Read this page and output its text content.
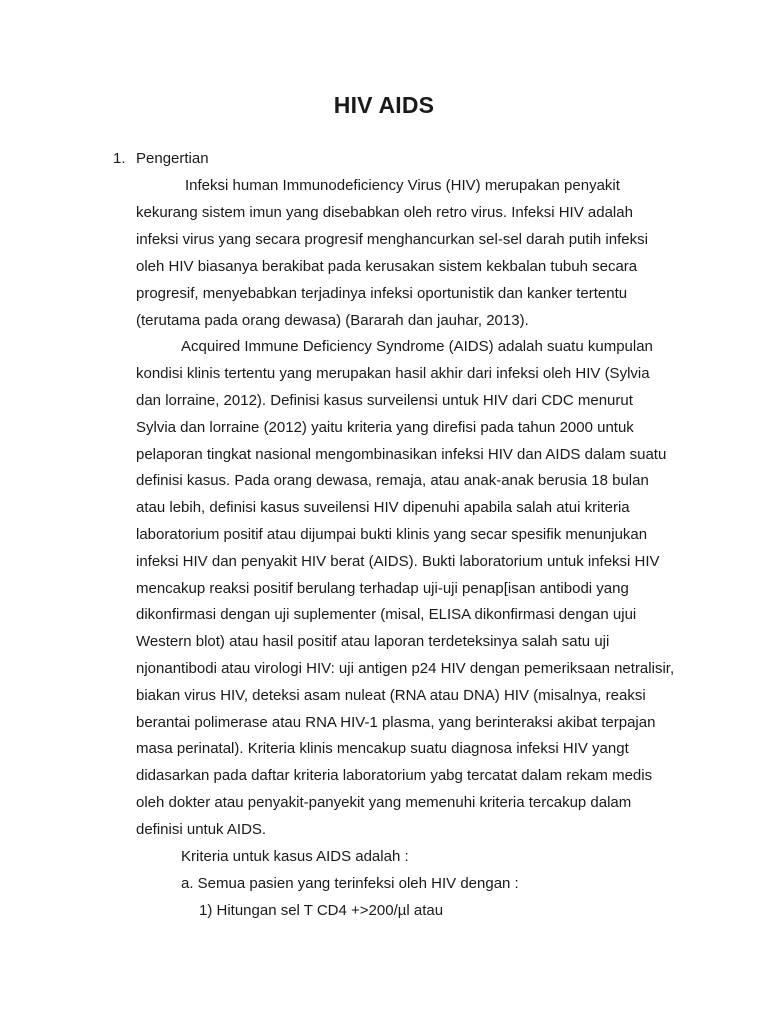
HIV AIDS
1. Pengertian
Infeksi human Immunodeficiency Virus (HIV) merupakan penyakit
kekurang sistem imun yang disebabkan oleh retro virus. Infeksi HIV adalah
infeksi virus yang secara progresif menghancurkan sel-sel darah putih infeksi
oleh HIV biasanya berakibat pada kerusakan sistem kekbalan tubuh secara
progresif, menyebabkan terjadinya infeksi oportunistik dan kanker tertentu
(terutama pada orang dewasa) (Bararah dan jauhar, 2013).
Acquired Immune Deficiency Syndrome (AIDS) adalah suatu kumpulan
kondisi klinis tertentu yang merupakan hasil akhir dari infeksi oleh HIV (Sylvia
dan lorraine, 2012). Definisi kasus surveilensi untuk HIV dari CDC menurut
Sylvia dan lorraine (2012) yaitu kriteria yang direfisi pada tahun 2000 untuk
pelaporan tingkat nasional mengombinasikan infeksi HIV dan AIDS dalam suatu
definisi kasus. Pada orang dewasa, remaja, atau anak-anak berusia 18 bulan
atau lebih, definisi kasus suveilensi HIV dipenuhi apabila salah atui kriteria
laboratorium positif atau dijumpai bukti klinis yang secar spesifik menunjukan
infeksi HIV dan penyakit HIV berat (AIDS). Bukti laboratorium untuk infeksi HIV
mencakup reaksi positif berulang terhadap uji-uji penap[isan antibodi yang
dikonfirmasi dengan uji suplementer (misal, ELISA dikonfirmasi dengan ujui
Western blot) atau hasil positif atau laporan terdeteksinya salah satu uji
njonantibodi atau virologi HIV: uji antigen p24 HIV dengan pemeriksaan netralisir,
biakan virus HIV, deteksi asam nuleat (RNA atau DNA) HIV (misalnya, reaksi
berantai polimerase atau RNA HIV-1 plasma, yang berinteraksi akibat terpajan
masa perinatal). Kriteria klinis mencakup suatu diagnosa infeksi HIV yangt
didasarkan pada daftar kriteria laboratorium yabg tercatat dalam rekam medis
oleh dokter atau penyakit-panyekit yang memenuhi kriteria tercakup dalam
definisi untuk AIDS.
Kriteria untuk kasus AIDS adalah :
a. Semua pasien yang terinfeksi oleh HIV dengan :
1) Hitungan sel T CD4 +>200/µl atau
